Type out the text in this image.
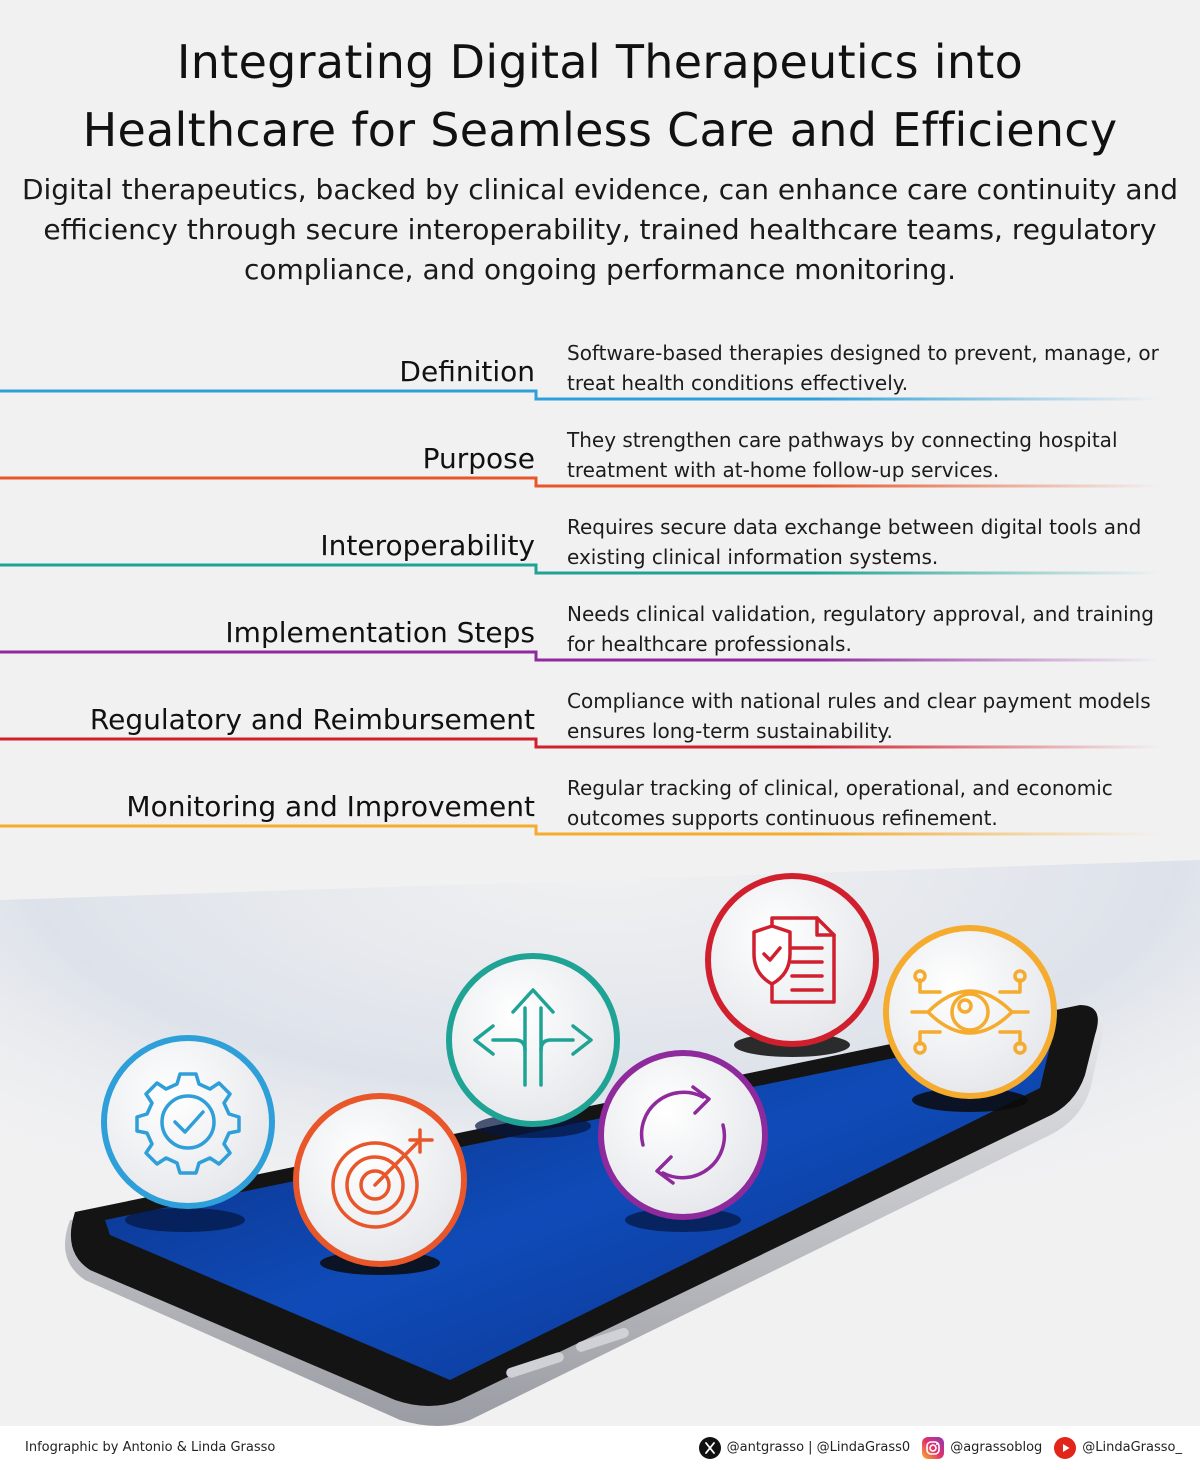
Integrating Digital Therapeutics into
Healthcare for Seamless Care and Efficiency

Digital therapeutics, backed by clinical evidence, can enhance care continuity and efficiency through secure interoperability, trained healthcare teams, regulatory compliance, and ongoing performance monitoring.

Definition
Software-based therapies designed to prevent, manage, or treat health conditions effectively.
Purpose
They strengthen care pathways by connecting hospital treatment with at-home follow-up services.
Interoperability
Requires secure data exchange between digital tools and existing clinical information systems.
Implementation Steps
Needs clinical validation, regulatory approval, and training for healthcare professionals.
Regulatory and Reimbursement
Compliance with national rules and clear payment models ensures long-term sustainability.
Monitoring and Improvement
Regular tracking of clinical, operational, and economic outcomes supports continuous refinement.
Infographic by Antonio & Linda Grasso	@antgrasso | @LindaGrass0	@agrassoblog	@LindaGrasso_
